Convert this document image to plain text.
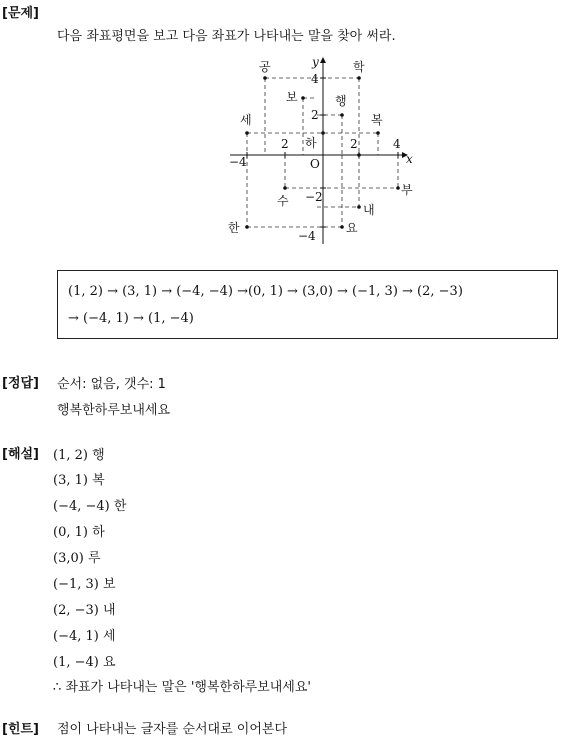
[문제]
다음 좌표평면을 보고 다음 좌표가 나타내는 말을 찾아 써라.
y
x
O
4
2
−2
−4
−4
2	2	4
공	학
보	행
세
하
복
수
부
내
한	요
(1, 2) → (3, 1) → (−4, −4) →(0, 1) → (3,0) → (−1, 3) → (2, −3)
→ (−4, 1) → (1, −4)
[정답] 순서: 없음, 갯수: 1
행복한하루보내세요
[해설] (1, 2) 행
(3, 1) 복
(−4, −4) 한
(0, 1) 하
(3,0) 루
(−1, 3) 보
(2, −3) 내
(−4, 1) 세
(1, −4) 요
∴ 좌표가 나타내는 말은 '행복한하루보내세요'
[힌트] 점이 나타내는 글자를 순서대로 이어본다
